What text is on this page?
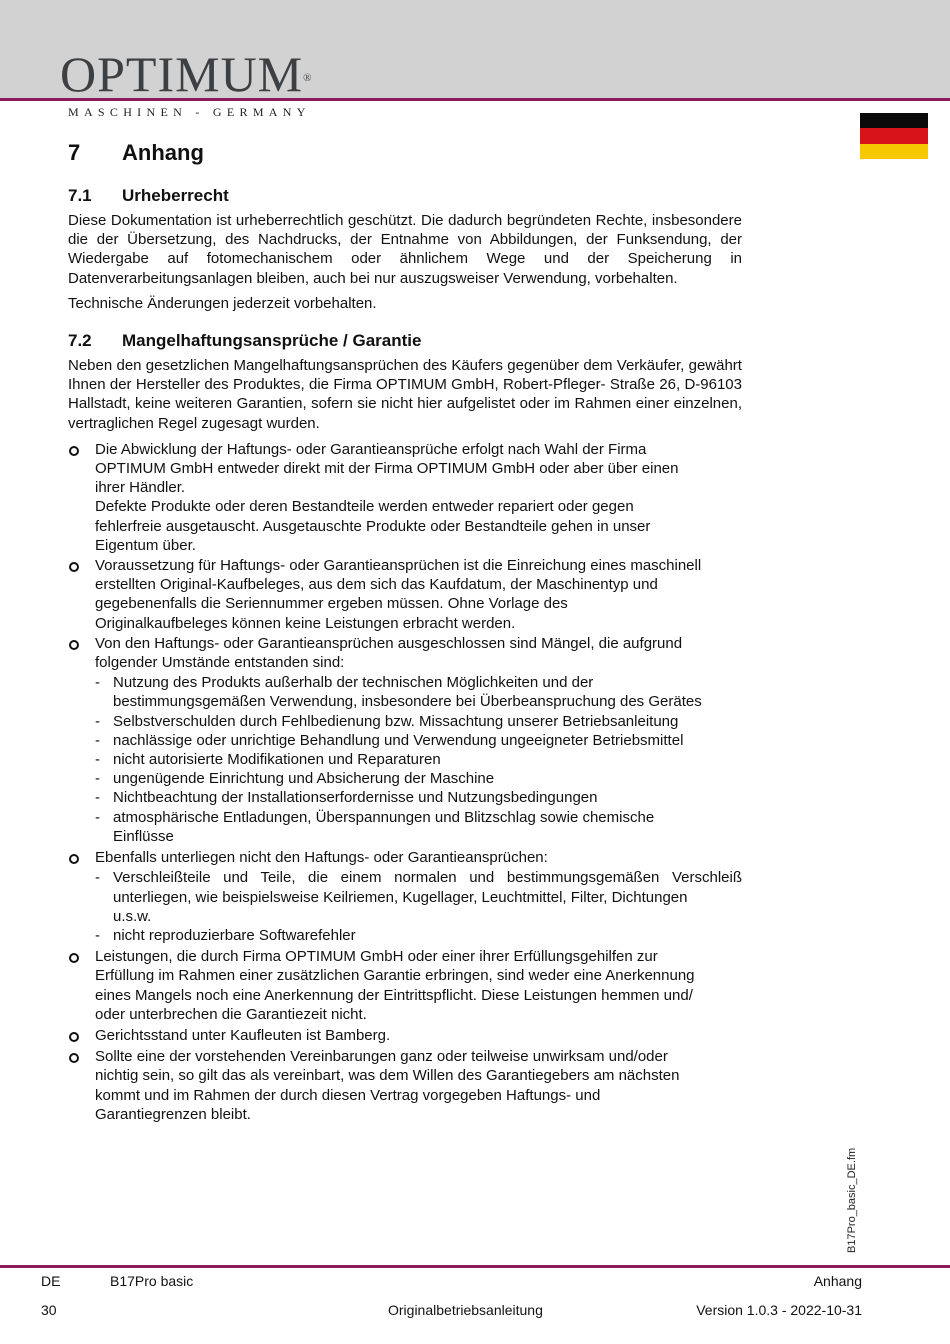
OPTIMUM®
MASCHINEN - GERMANY
7 Anhang
7.1 Urheberrecht

Diese Dokumentation ist urheberrechtlich geschützt. Die dadurch begründeten Rechte, insbesondere die der Übersetzung, des Nachdrucks, der Entnahme von Abbildungen, der Funksendung, der Wiedergabe auf fotomechanischem oder ähnlichem Wege und der Speicherung in Datenverarbeitungsanlagen bleiben, auch bei nur auszugsweiser Verwendung, vorbehalten.

Technische Änderungen jederzeit vorbehalten.

7.2 Mangelhaftungsansprüche / Garantie

Neben den gesetzlichen Mangelhaftungsansprüchen des Käufers gegenüber dem Verkäufer, gewährt Ihnen der Hersteller des Produktes, die Firma OPTIMUM GmbH, Robert-Pfleger- Straße 26, D-96103 Hallstadt, keine weiteren Garantien, sofern sie nicht hier aufgelistet oder im Rahmen einer einzelnen, vertraglichen Regel zugesagt wurden.

Die Abwicklung der Haftungs- oder Garantieansprüche erfolgt nach Wahl der Firma
OPTIMUM GmbH entweder direkt mit der Firma OPTIMUM GmbH oder aber über einen
ihrer Händler.
Defekte Produkte oder deren Bestandteile werden entweder repariert oder gegen
fehlerfreie ausgetauscht. Ausgetauschte Produkte oder Bestandteile gehen in unser
Eigentum über.
Voraussetzung für Haftungs- oder Garantieansprüchen ist die Einreichung eines maschinell
erstellten Original-Kaufbeleges, aus dem sich das Kaufdatum, der Maschinentyp und
gegebenenfalls die Seriennummer ergeben müssen. Ohne Vorlage des
Originalkaufbeleges können keine Leistungen erbracht werden.
Von den Haftungs- oder Garantieansprüchen ausgeschlossen sind Mängel, die aufgrund
folgender Umstände entstanden sind:
- Nutzung des Produkts außerhalb der technischen Möglichkeiten und der
bestimmungsgemäßen Verwendung, insbesondere bei Überbeanspruchung des Gerätes
- Selbstverschulden durch Fehlbedienung bzw. Missachtung unserer Betriebsanleitung
- nachlässige oder unrichtige Behandlung und Verwendung ungeeigneter Betriebsmittel
- nicht autorisierte Modifikationen und Reparaturen
- ungenügende Einrichtung und Absicherung der Maschine
- Nichtbeachtung der Installationserfordernisse und Nutzungsbedingungen
- atmosphärische Entladungen, Überspannungen und Blitzschlag sowie chemische
Einflüsse
Ebenfalls unterliegen nicht den Haftungs- oder Garantieansprüchen:
- Verschleißteile und Teile, die einem normalen und bestimmungsgemäßen Verschleiß unterliegen, wie beispielsweise Keilriemen, Kugellager, Leuchtmittel, Filter, Dichtungen
u.s.w.
- nicht reproduzierbare Softwarefehler
Leistungen, die durch Firma OPTIMUM GmbH oder einer ihrer Erfüllungsgehilfen zur
Erfüllung im Rahmen einer zusätzlichen Garantie erbringen, sind weder eine Anerkennung
eines Mangels noch eine Anerkennung der Eintrittspflicht. Diese Leistungen hemmen und/
oder unterbrechen die Garantiezeit nicht.
Gerichtsstand unter Kaufleuten ist Bamberg.
Sollte eine der vorstehenden Vereinbarungen ganz oder teilweise unwirksam und/oder
nichtig sein, so gilt das als vereinbart, was dem Willen des Garantiegebers am nächsten
kommt und im Rahmen der durch diesen Vertrag vorgegeben Haftungs- und
Garantiegrenzen bleibt.
B17Pro_basic_DE.fm
DE	B17Pro basic	Anhang
30	Originalbetriebsanleitung	Version 1.0.3 - 2022-10-31
